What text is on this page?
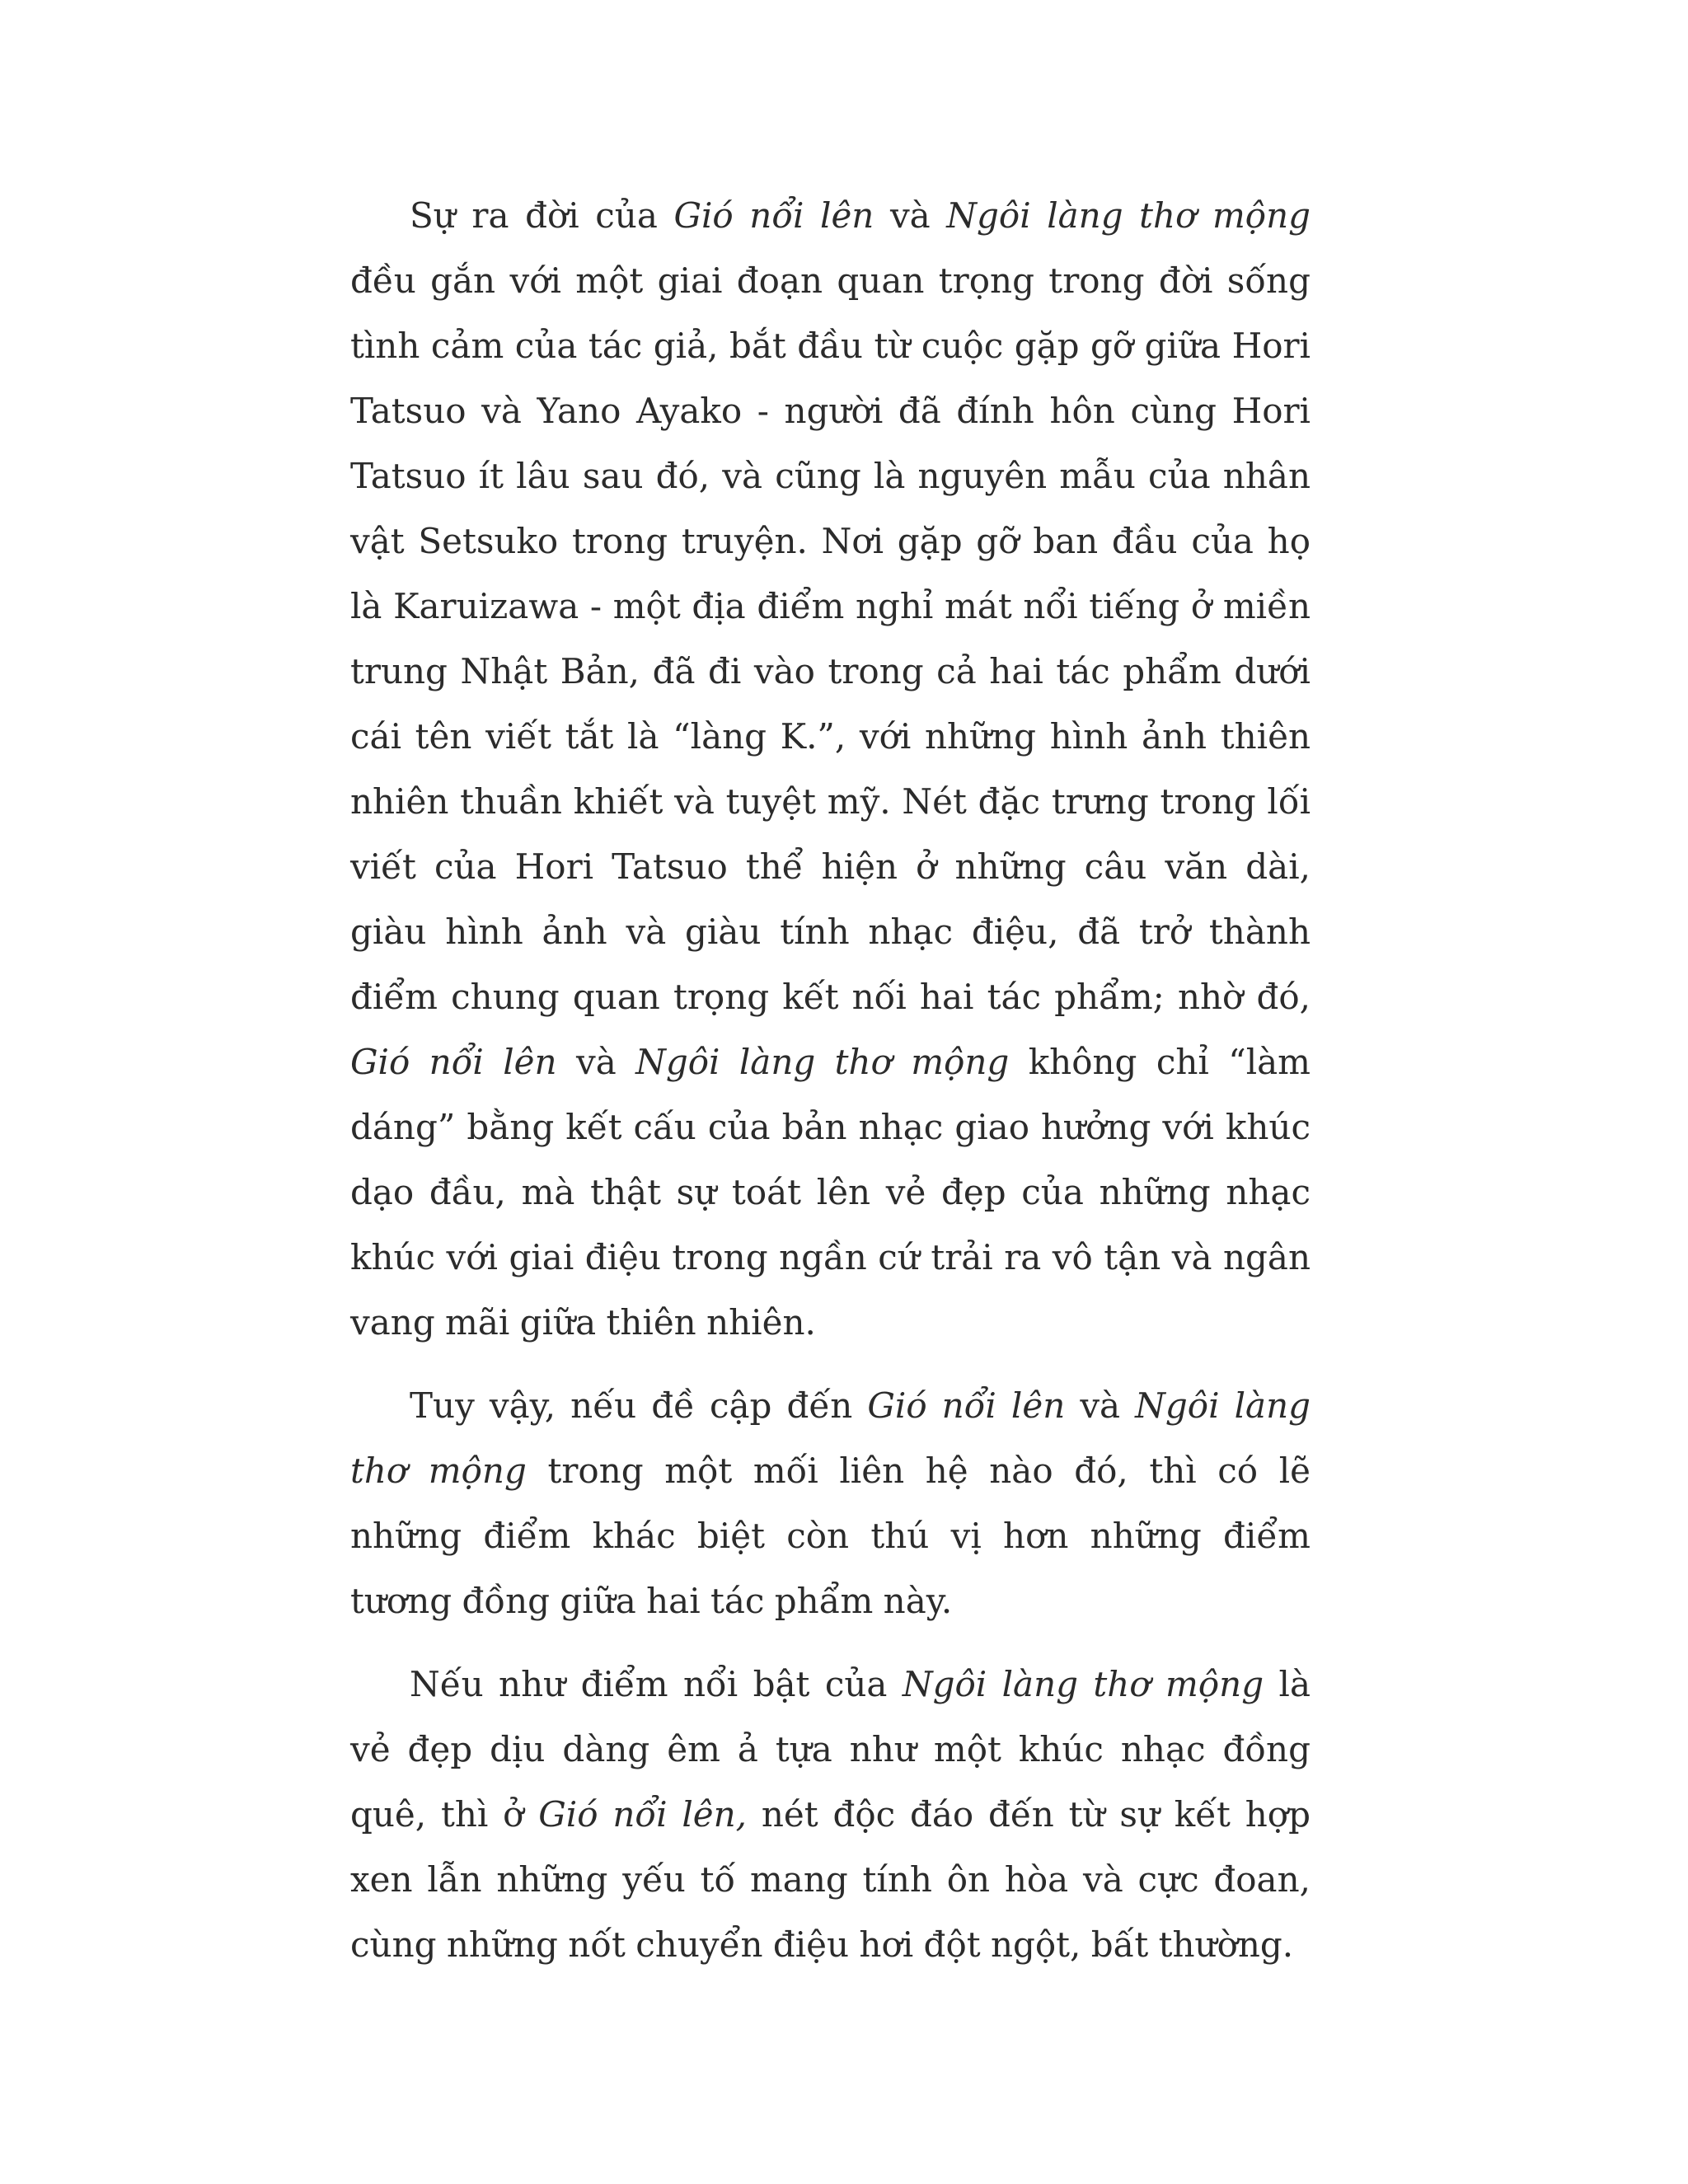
Sự ra đời của Gió nổi lên và Ngôi làng thơ mộng đều gắn với một giai đoạn quan trọng trong đời sống tình cảm của tác giả, bắt đầu từ cuộc gặp gỡ giữa Hori Tatsuo và Yano Ayako - người đã đính hôn cùng Hori Tatsuo ít lâu sau đó, và cũng là nguyên mẫu của nhân vật Setsuko trong truyện. Nơi gặp gỡ ban đầu của họ là Karuizawa - một địa điểm nghỉ mát nổi tiếng ở miền trung Nhật Bản, đã đi vào trong cả hai tác phẩm dưới cái tên viết tắt là “làng K.”, với những hình ảnh thiên nhiên thuần khiết và tuyệt mỹ. Nét đặc trưng trong lối viết của Hori Tatsuo thể hiện ở những câu văn dài, giàu hình ảnh và giàu tính nhạc điệu, đã trở thành điểm chung quan trọng kết nối hai tác phẩm; nhờ đó, Gió nổi lên và Ngôi làng thơ mộng không chỉ “làm dáng” bằng kết cấu của bản nhạc giao hưởng với khúc dạo đầu, mà thật sự toát lên vẻ đẹp của những nhạc khúc với giai điệu trong ngần cứ trải ra vô tận và ngân vang mãi giữa thiên nhiên.

Tuy vậy, nếu đề cập đến Gió nổi lên và Ngôi làng thơ mộng trong một mối liên hệ nào đó, thì có lẽ những điểm khác biệt còn thú vị hơn những điểm tương đồng giữa hai tác phẩm này.

Nếu như điểm nổi bật của Ngôi làng thơ mộng là vẻ đẹp dịu dàng êm ả tựa như một khúc nhạc đồng quê, thì ở Gió nổi lên, nét độc đáo đến từ sự kết hợp xen lẫn những yếu tố mang tính ôn hòa và cực đoan, cùng những nốt chuyển điệu hơi đột ngột, bất thường.
